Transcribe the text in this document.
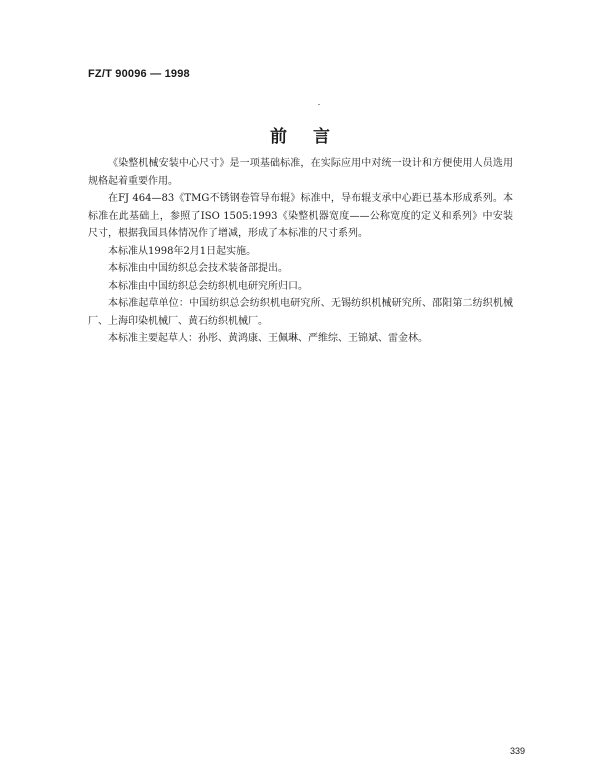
FZ/T 90096 — 1998
前言

《染整机械安装中心尺寸》是一项基础标准，在实际应用中对统一设计和方便使用人员选用规格起着重要作用。

在FJ 464—83《TMG不锈钢卷管导布辊》标准中，导布辊支承中心距已基本形成系列。本标准在此基础上，参照了ISO 1505:1993《染整机器宽度——公称宽度的定义和系列》中安装尺寸，根据我国具体情况作了增减，形成了本标准的尺寸系列。

本标准从1998年2月1日起实施。

本标准由中国纺织总会技术装备部提出。

本标准由中国纺织总会纺织机电研究所归口。

本标准起草单位：中国纺织总会纺织机电研究所、无锡纺织机械研究所、邵阳第二纺织机械厂、上海印染机械厂、黄石纺织机械厂。

本标准主要起草人：孙彤、黄鸿康、王佩琳、严维综、王锦斌、雷金林。

339
